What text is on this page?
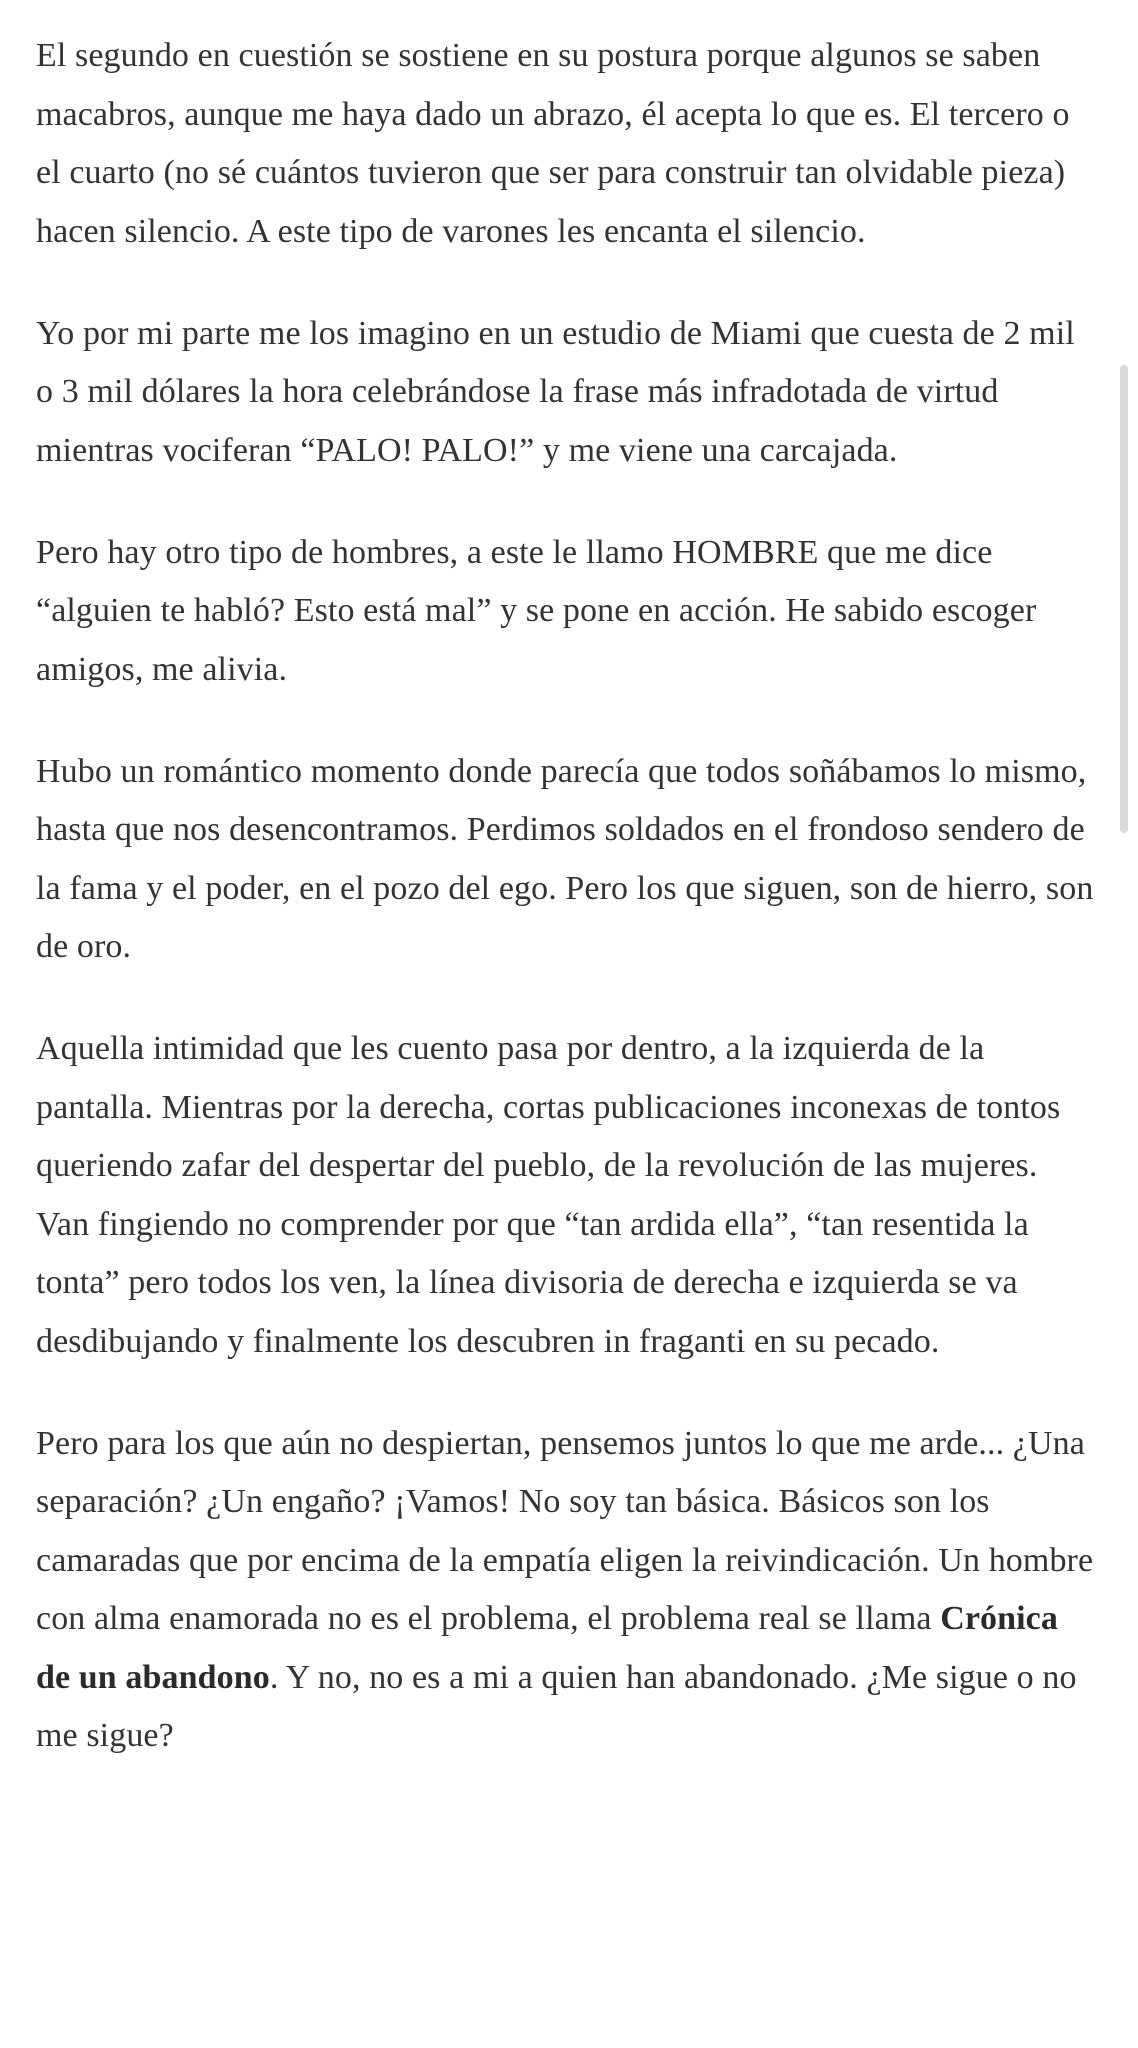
El segundo en cuestión se sostiene en su postura porque algunos se saben macabros, aunque me haya dado un abrazo, él acepta lo que es. El tercero o el cuarto (no sé cuántos tuvieron que ser para construir tan olvidable pieza) hacen silencio. A este tipo de varones les encanta el silencio.

Yo por mi parte me los imagino en un estudio de Miami que cuesta de 2 mil o 3 mil dólares la hora celebrándose la frase más infradotada de virtud mientras vociferan “PALO! PALO!” y me viene una carcajada.

Pero hay otro tipo de hombres, a este le llamo HOMBRE que me dice “alguien te habló? Esto está mal” y se pone en acción. He sabido escoger amigos, me alivia.

Hubo un romántico momento donde parecía que todos soñábamos lo mismo, hasta que nos desencontramos. Perdimos soldados en el frondoso sendero de la fama y el poder, en el pozo del ego. Pero los que siguen, son de hierro, son de oro.

Aquella intimidad que les cuento pasa por dentro, a la izquierda de la pantalla. Mientras por la derecha, cortas publicaciones inconexas de tontos queriendo zafar del despertar del pueblo, de la revolución de las mujeres. Van fingiendo no comprender por que “tan ardida ella”, “tan resentida la tonta” pero todos los ven, la línea divisoria de derecha e izquierda se va desdibujando y finalmente los descubren in fraganti en su pecado.

Pero para los que aún no despiertan, pensemos juntos lo que me arde... ¿Una separación? ¿Un engaño? ¡Vamos! No soy tan básica. Básicos son los camaradas que por encima de la empatía eligen la reivindicación. Un hombre con alma enamorada no es el problema, el problema real se llama Crónica de un abandono. Y no, no es a mi a quien han abandonado. ¿Me sigue o no me sigue?
